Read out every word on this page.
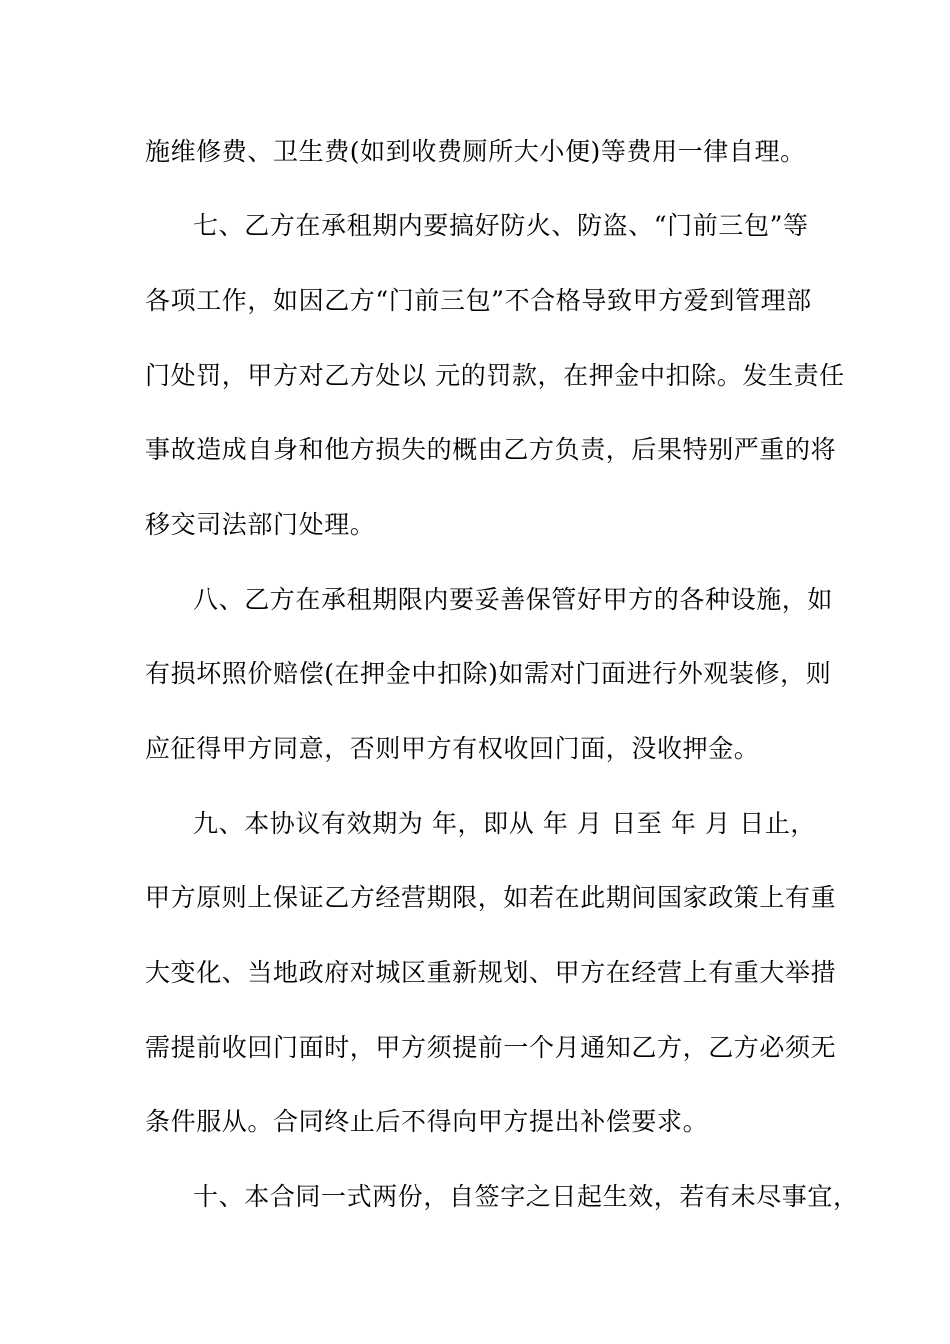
施维修费、卫生费(如到收费厕所大小便)等费用一律自理。
七、乙方在承租期内要搞好防火、防盗、“门前三包”等
各项工作，如因乙方“门前三包”不合格导致甲方爱到管理部
门处罚，甲方对乙方处以 元的罚款，在押金中扣除。发生责任
事故造成自身和他方损失的概由乙方负责，后果特别严重的将
移交司法部门处理。
八、乙方在承租期限内要妥善保管好甲方的各种设施，如
有损坏照价赔偿(在押金中扣除)如需对门面进行外观装修，则
应征得甲方同意，否则甲方有权收回门面，没收押金。
九、本协议有效期为 年，即从 年 月 日至 年 月 日止，
甲方原则上保证乙方经营期限，如若在此期间国家政策上有重
大变化、当地政府对城区重新规划、甲方在经营上有重大举措
需提前收回门面时，甲方须提前一个月通知乙方，乙方必须无
条件服从。合同终止后不得向甲方提出补偿要求。
十、本合同一式两份，自签字之日起生效，若有未尽事宜，
